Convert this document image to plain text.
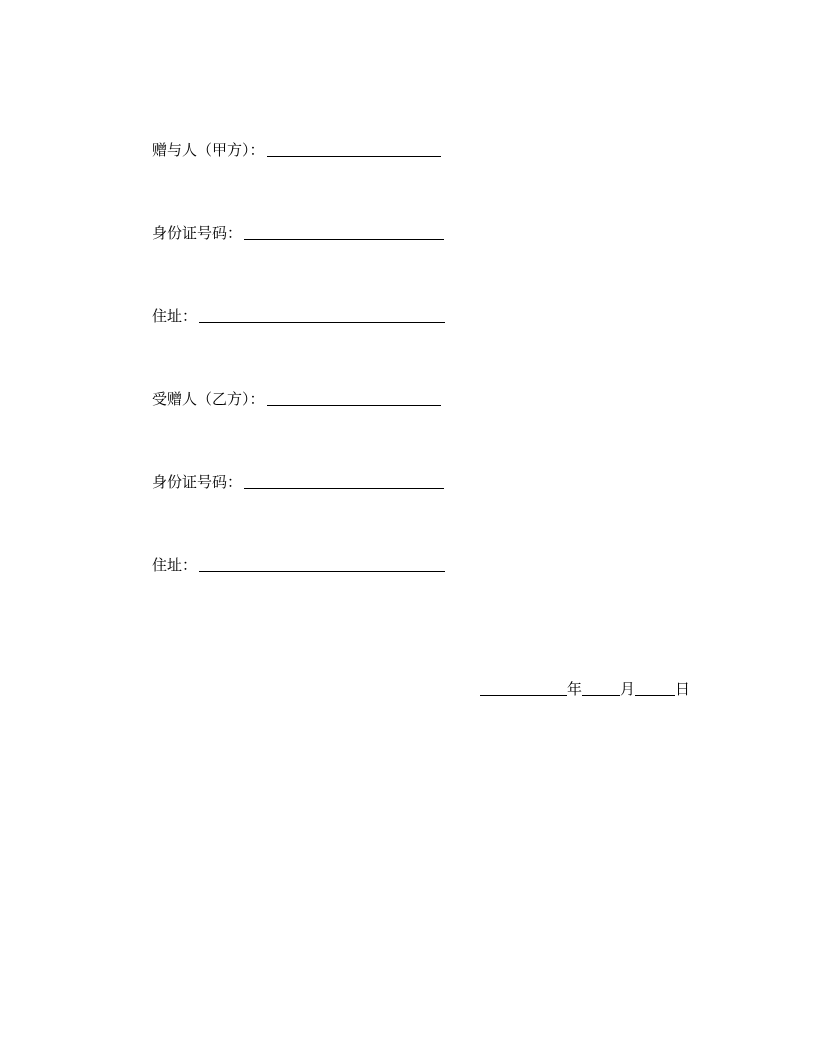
赠与人（甲方）：
身份证号码：
住址：
受赠人（乙方）：
身份证号码：
住址：
年	月	日
